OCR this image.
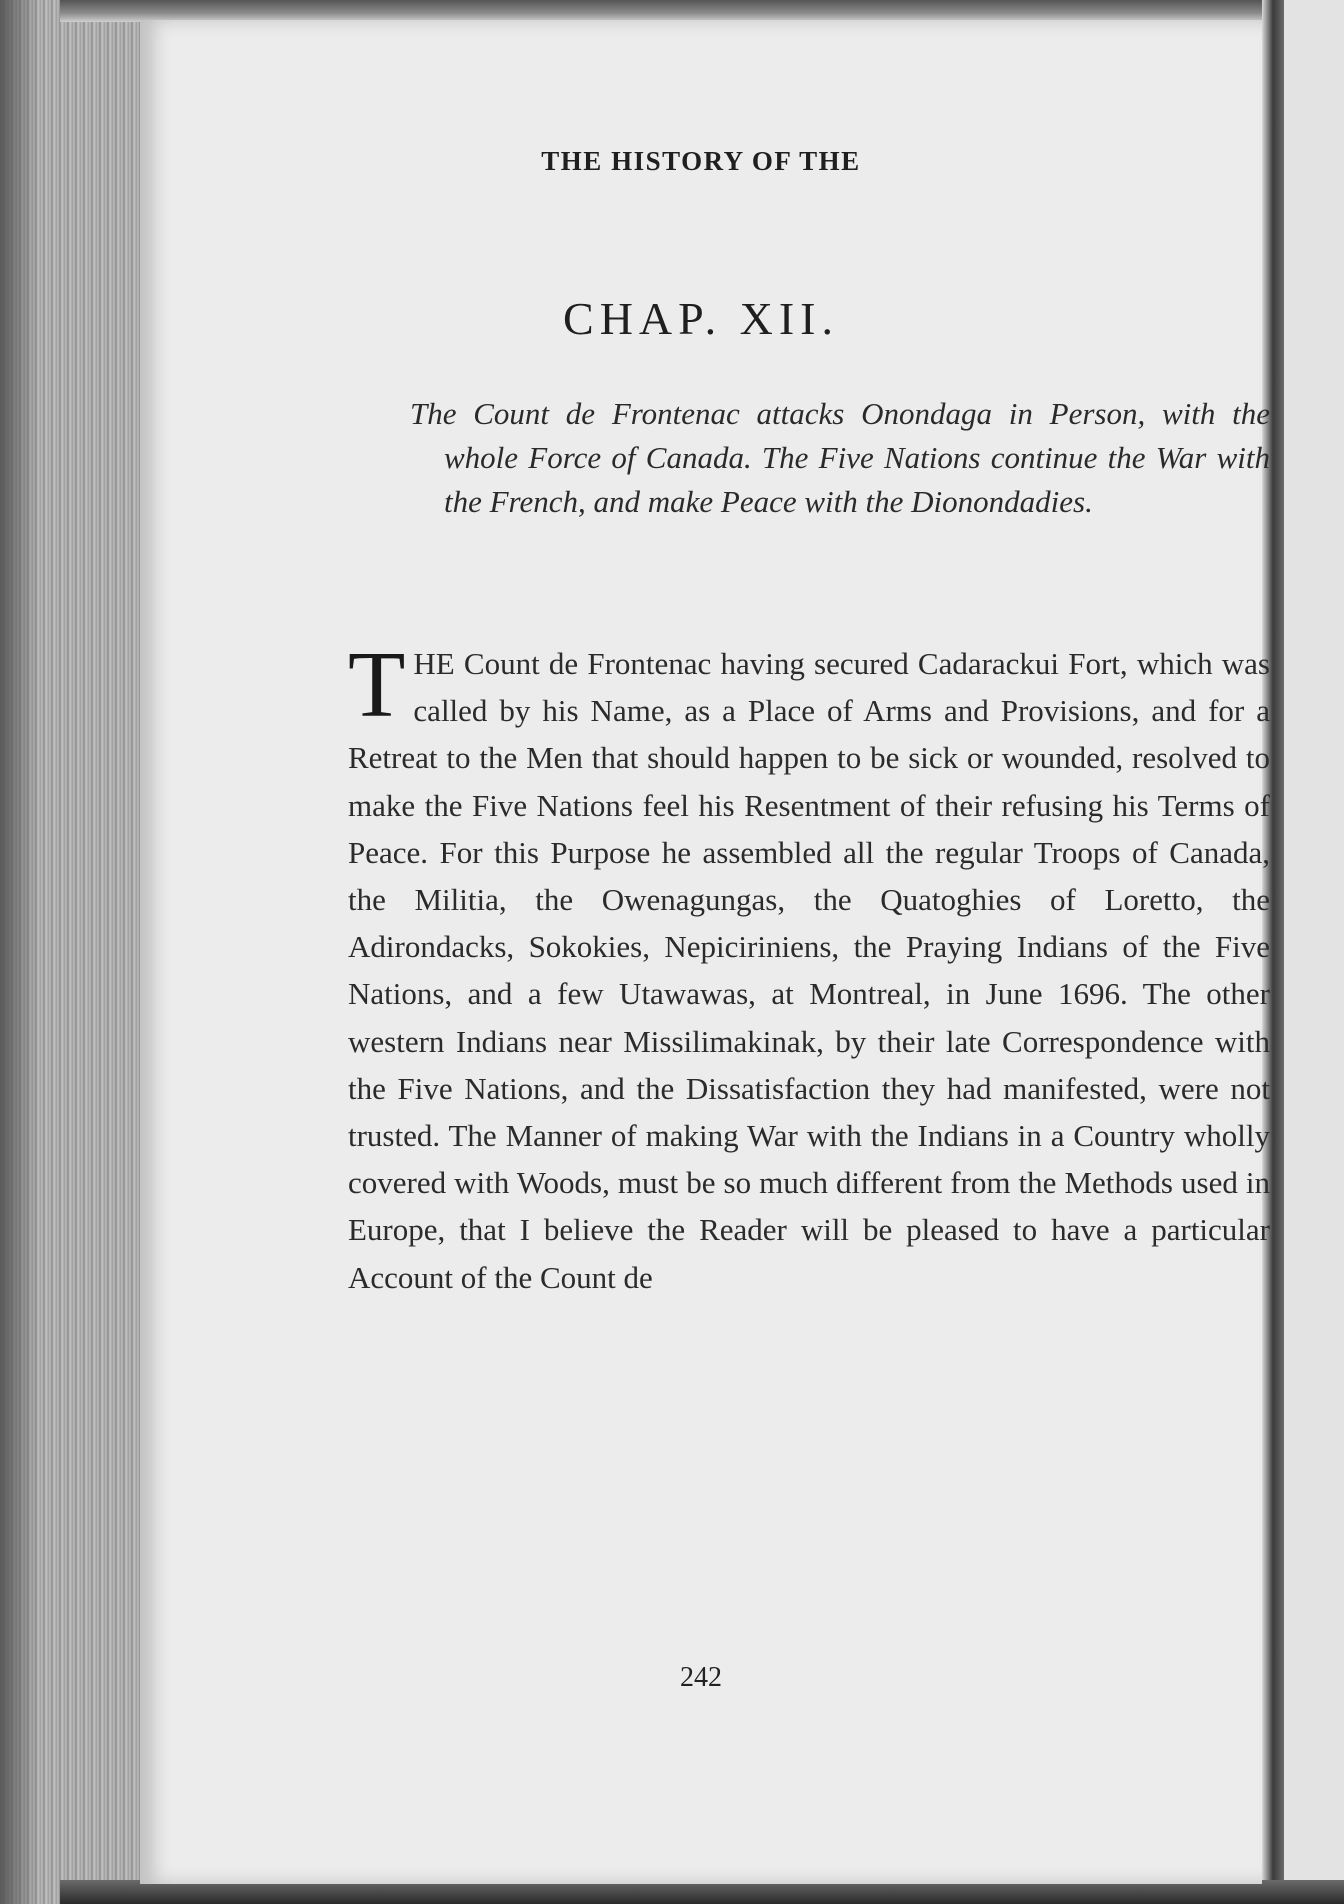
THE HISTORY OF THE
CHAP. XII.
The Count de Frontenac attacks Onondaga in Person, with the whole Force of Canada. The Five Nations continue the War with the French, and make Peace with the Dionondadies.
THE Count de Frontenac having secured Cadarackui Fort, which was called by his Name, as a Place of Arms and Provisions, and for a Retreat to the Men that should happen to be sick or wounded, resolved to make the Five Nations feel his Resentment of their refusing his Terms of Peace. For this Purpose he assembled all the regular Troops of Canada, the Militia, the Owenagungas, the Quatoghies of Loretto, the Adirondacks, Sokokies, Nepiciriniens, the Praying Indians of the Five Nations, and a few Utawawas, at Montreal, in June 1696. The other western Indians near Missilimakinak, by their late Correspondence with the Five Nations, and the Dissatisfaction they had manifested, were not trusted. The Manner of making War with the Indians in a Country wholly covered with Woods, must be so much different from the Methods used in Europe, that I believe the Reader will be pleased to have a particular Account of the Count de
242
